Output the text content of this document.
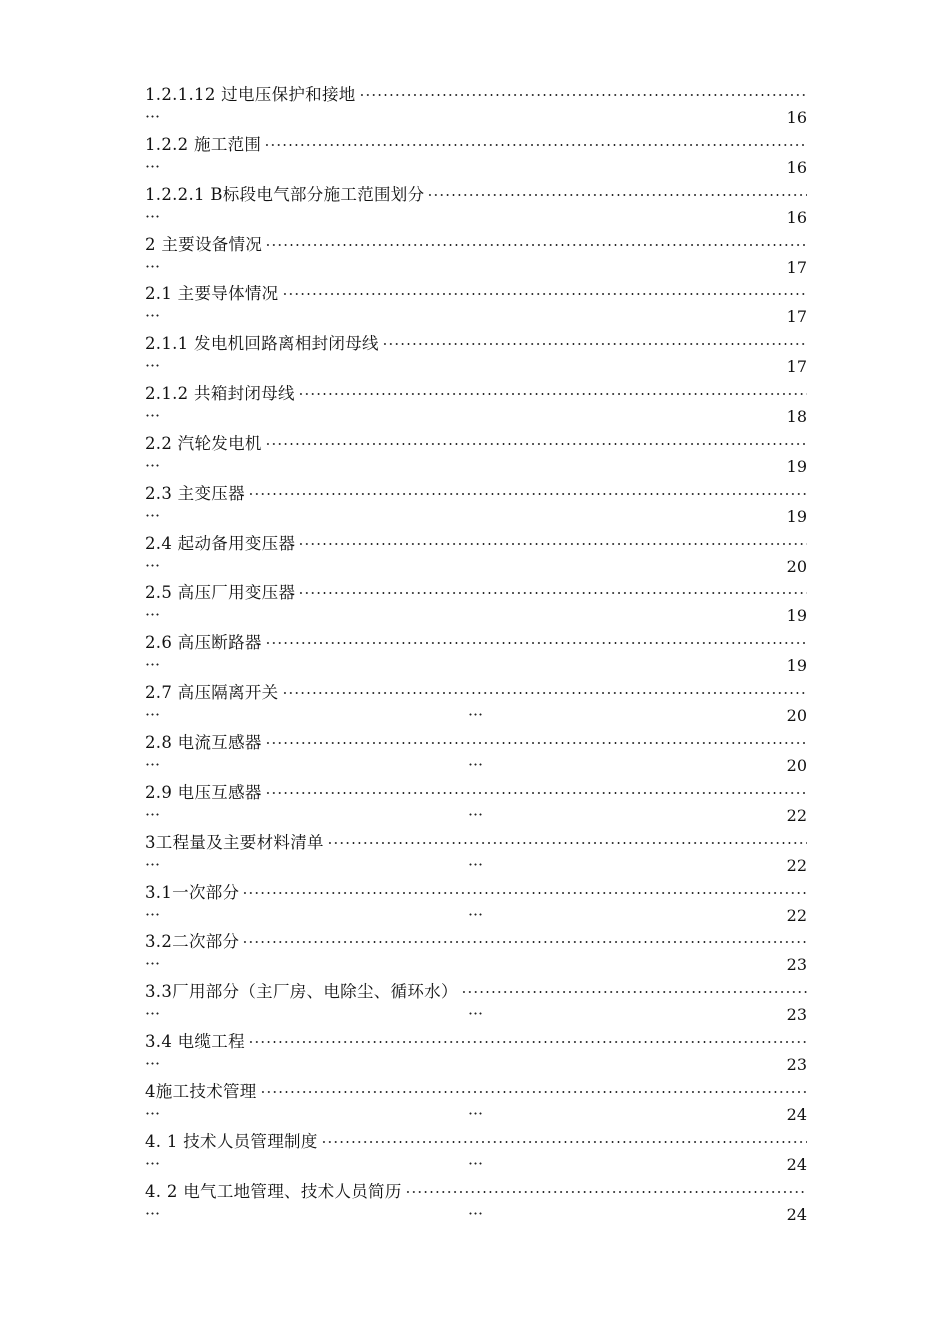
1.2.1.12 过电压保护和接地
16
1.2.2 施工范围
16
1.2.2.1 B标段电气部分施工范围划分
16
2 主要设备情况
17
2.1 主要导体情况
17
2.1.1 发电机回路离相封闭母线
17
2.1.2 共箱封闭母线
18
2.2 汽轮发电机
19
2.3 主变压器
19
2.4 起动备用变压器
20
2.5 高压厂用变压器
19
2.6 高压断路器
19
2.7 高压隔离开关
20
2.8 电流互感器
20
2.9 电压互感器
22
3工程量及主要材料清单
22
3.1一次部分
22
3.2二次部分
23
3.3厂用部分（主厂房、电除尘、循环水）
23
3.4 电缆工程
23
4施工技术管理
24
4. 1 技术人员管理制度
24
4. 2 电气工地管理、技术人员简历
24
